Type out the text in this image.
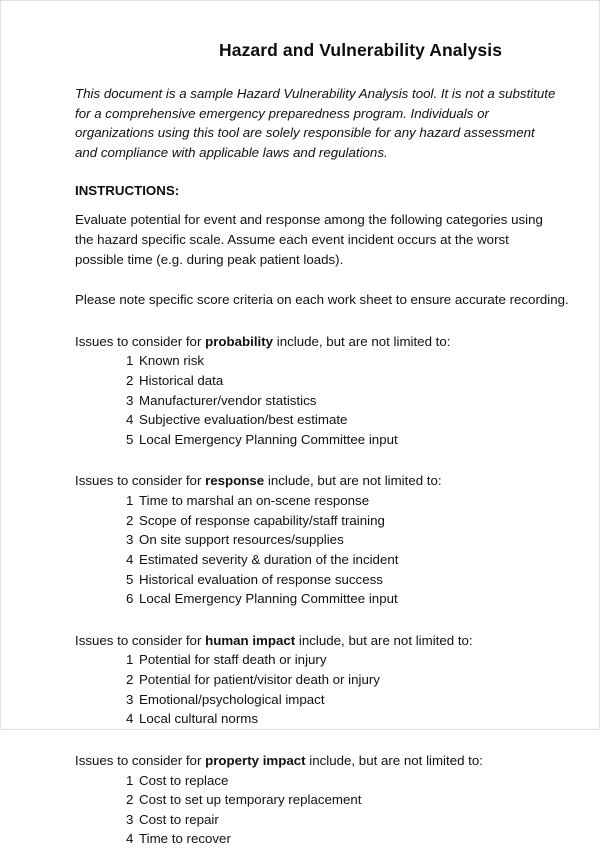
Hazard and Vulnerability Analysis

This document is a sample Hazard Vulnerability Analysis tool. It is not a substitute for a comprehensive emergency preparedness program. Individuals or organizations using this tool are solely responsible for any hazard assessment and compliance with applicable laws and regulations.

INSTRUCTIONS:

Evaluate potential for event and response among the following categories using the hazard specific scale. Assume each event incident occurs at the worst possible time (e.g. during peak patient loads).

Please note specific score criteria on each work sheet to ensure accurate recording.

Issues to consider for probability include, but are not limited to:

1 Known risk
2 Historical data
3 Manufacturer/vendor statistics
4 Subjective evaluation/best estimate
5 Local Emergency Planning Committee input

Issues to consider for response include, but are not limited to:

1 Time to marshal an on-scene response
2 Scope of response capability/staff training
3 On site support resources/supplies
4 Estimated severity & duration of the incident
5 Historical evaluation of response success
6 Local Emergency Planning Committee input

Issues to consider for human impact include, but are not limited to:

1 Potential for staff death or injury
2 Potential for patient/visitor death or injury
3 Emotional/psychological impact
4 Local cultural norms

Issues to consider for property impact include, but are not limited to:

1 Cost to replace
2 Cost to set up temporary replacement
3 Cost to repair
4 Time to recover
